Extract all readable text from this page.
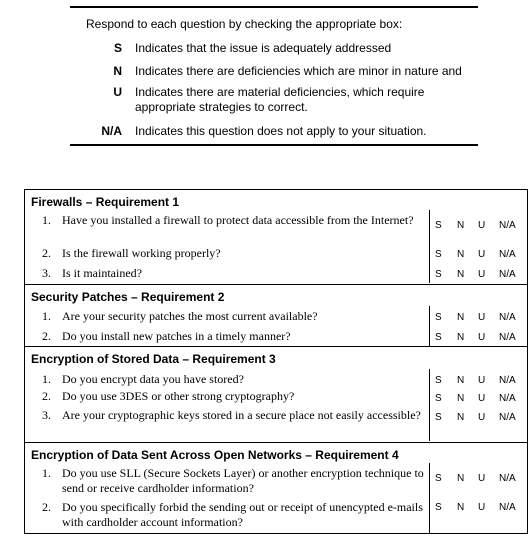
Respond to each question by checking the appropriate box:
S Indicates that the issue is adequately addressed
N Indicates there are deficiencies which are minor in nature and
U Indicates there are material deficiencies, which require appropriate strategies to correct.
N/A Indicates this question does not apply to your situation.
Firewalls – Requirement 1
1. Have you installed a firewall to protect data accessible from the Internet?	S N U N/A
2. Is the firewall working properly?	S N U N/A
3. Is it maintained?	S N U N/A
Security Patches – Requirement 2
1. Are your security patches the most current available?	S N U N/A
2. Do you install new patches in a timely manner?	S N U N/A
Encryption of Stored Data – Requirement 3
1. Do you encrypt data you have stored?	S N U N/A
2. Do you use 3DES or other strong cryptography?	S N U N/A
3. Are your cryptographic keys stored in a secure place not easily accessible?	S N U N/A
Encryption of Data Sent Across Open Networks – Requirement 4
1. Do you use SLL (Secure Sockets Layer) or another encryption technique to send or receive cardholder information?
S N U N/A
2. Do you specifically forbid the sending out or receipt of unencypted e-mails with cardholder account information?
S N U N/A
